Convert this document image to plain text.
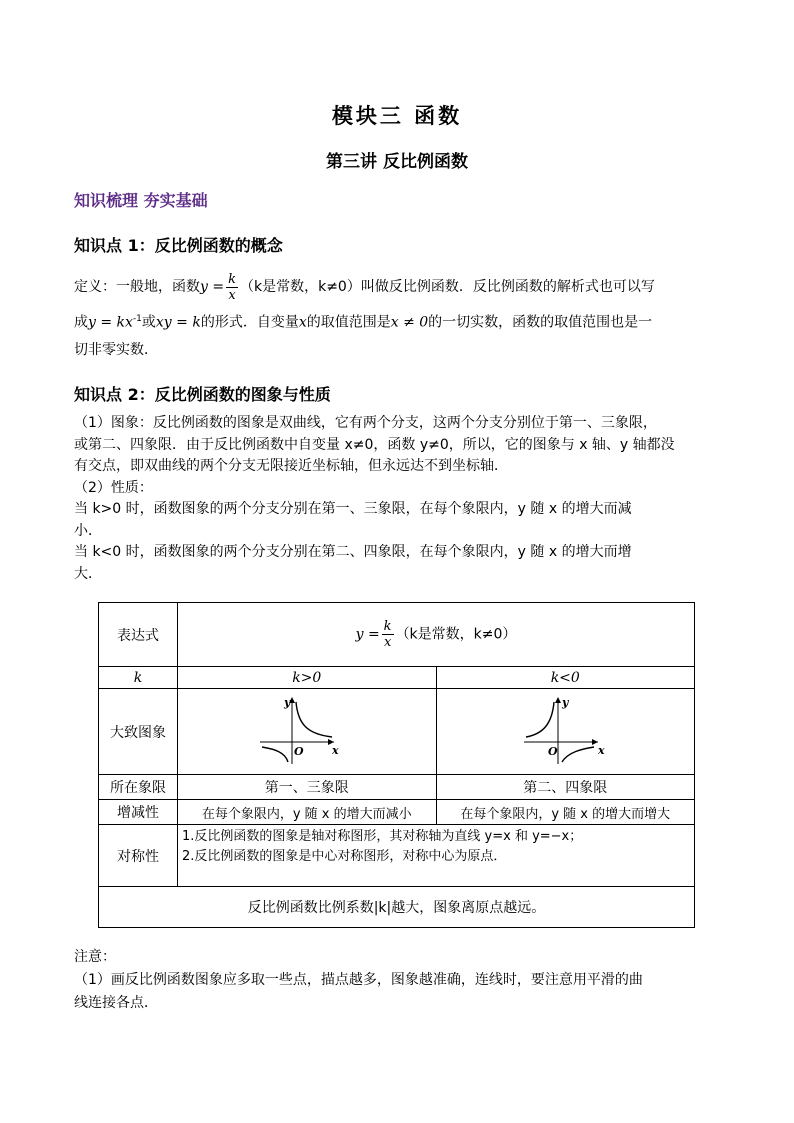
模块三 函数
第三讲 反比例函数
知识梳理 夯实基础
知识点 1：反比例函数的概念
定义：一般地，函数$y = \frac{k}{x} (k$是常数，k≠0）叫做反比例函数．反比例函数的解析式也可以写
成$y = kx^{-1}$或xy = k的形式．自变量x的取值范围是x ≠ 0的一切实数，函数的取值范围也是一
切非零实数．
知识点 2：反比例函数的图象与性质
（1）图象：反比例函数的图象是双曲线，它有两个分支，这两个分支分别位于第一、三象限，
或第二、四象限．由于反比例函数中自变量 x≠0，函数 y≠0，所以，它的图象与 x 轴、y 轴都没
有交点，即双曲线的两个分支无限接近坐标轴，但永远达不到坐标轴．
（2）性质：
当 k>0 时，函数图象的两个分支分别在第一、三象限，在每个象限内，y 随 x 的增大而减
小．
当 k<0 时，函数图象的两个分支分别在第二、四象限，在每个象限内，y 随 x 的增大而增
大．
表达式	$y = \frac{k}{x} (k$是常数，k≠0）	
k	k>0	k<0
大致图象	y
x
O	y
x
O

所在象限	第一、三象限	第二、四象限
增减性	在每个象限内，y 随 x 的增大而减小	在每个象限内，y 随 x 的增大而增大
对称性	1.反比例函数的图象是轴对称图形，其对称轴为直线 y=x 和 y=−x；
2.反比例函数的图象是中心对称图形，对称中心为原点．	

反比例函数比例系数|k|越大，图象离原点越远。		
注意：
（1）画反比例函数图象应多取一些点，描点越多，图象越准确，连线时，要注意用平滑的曲
线连接各点．
